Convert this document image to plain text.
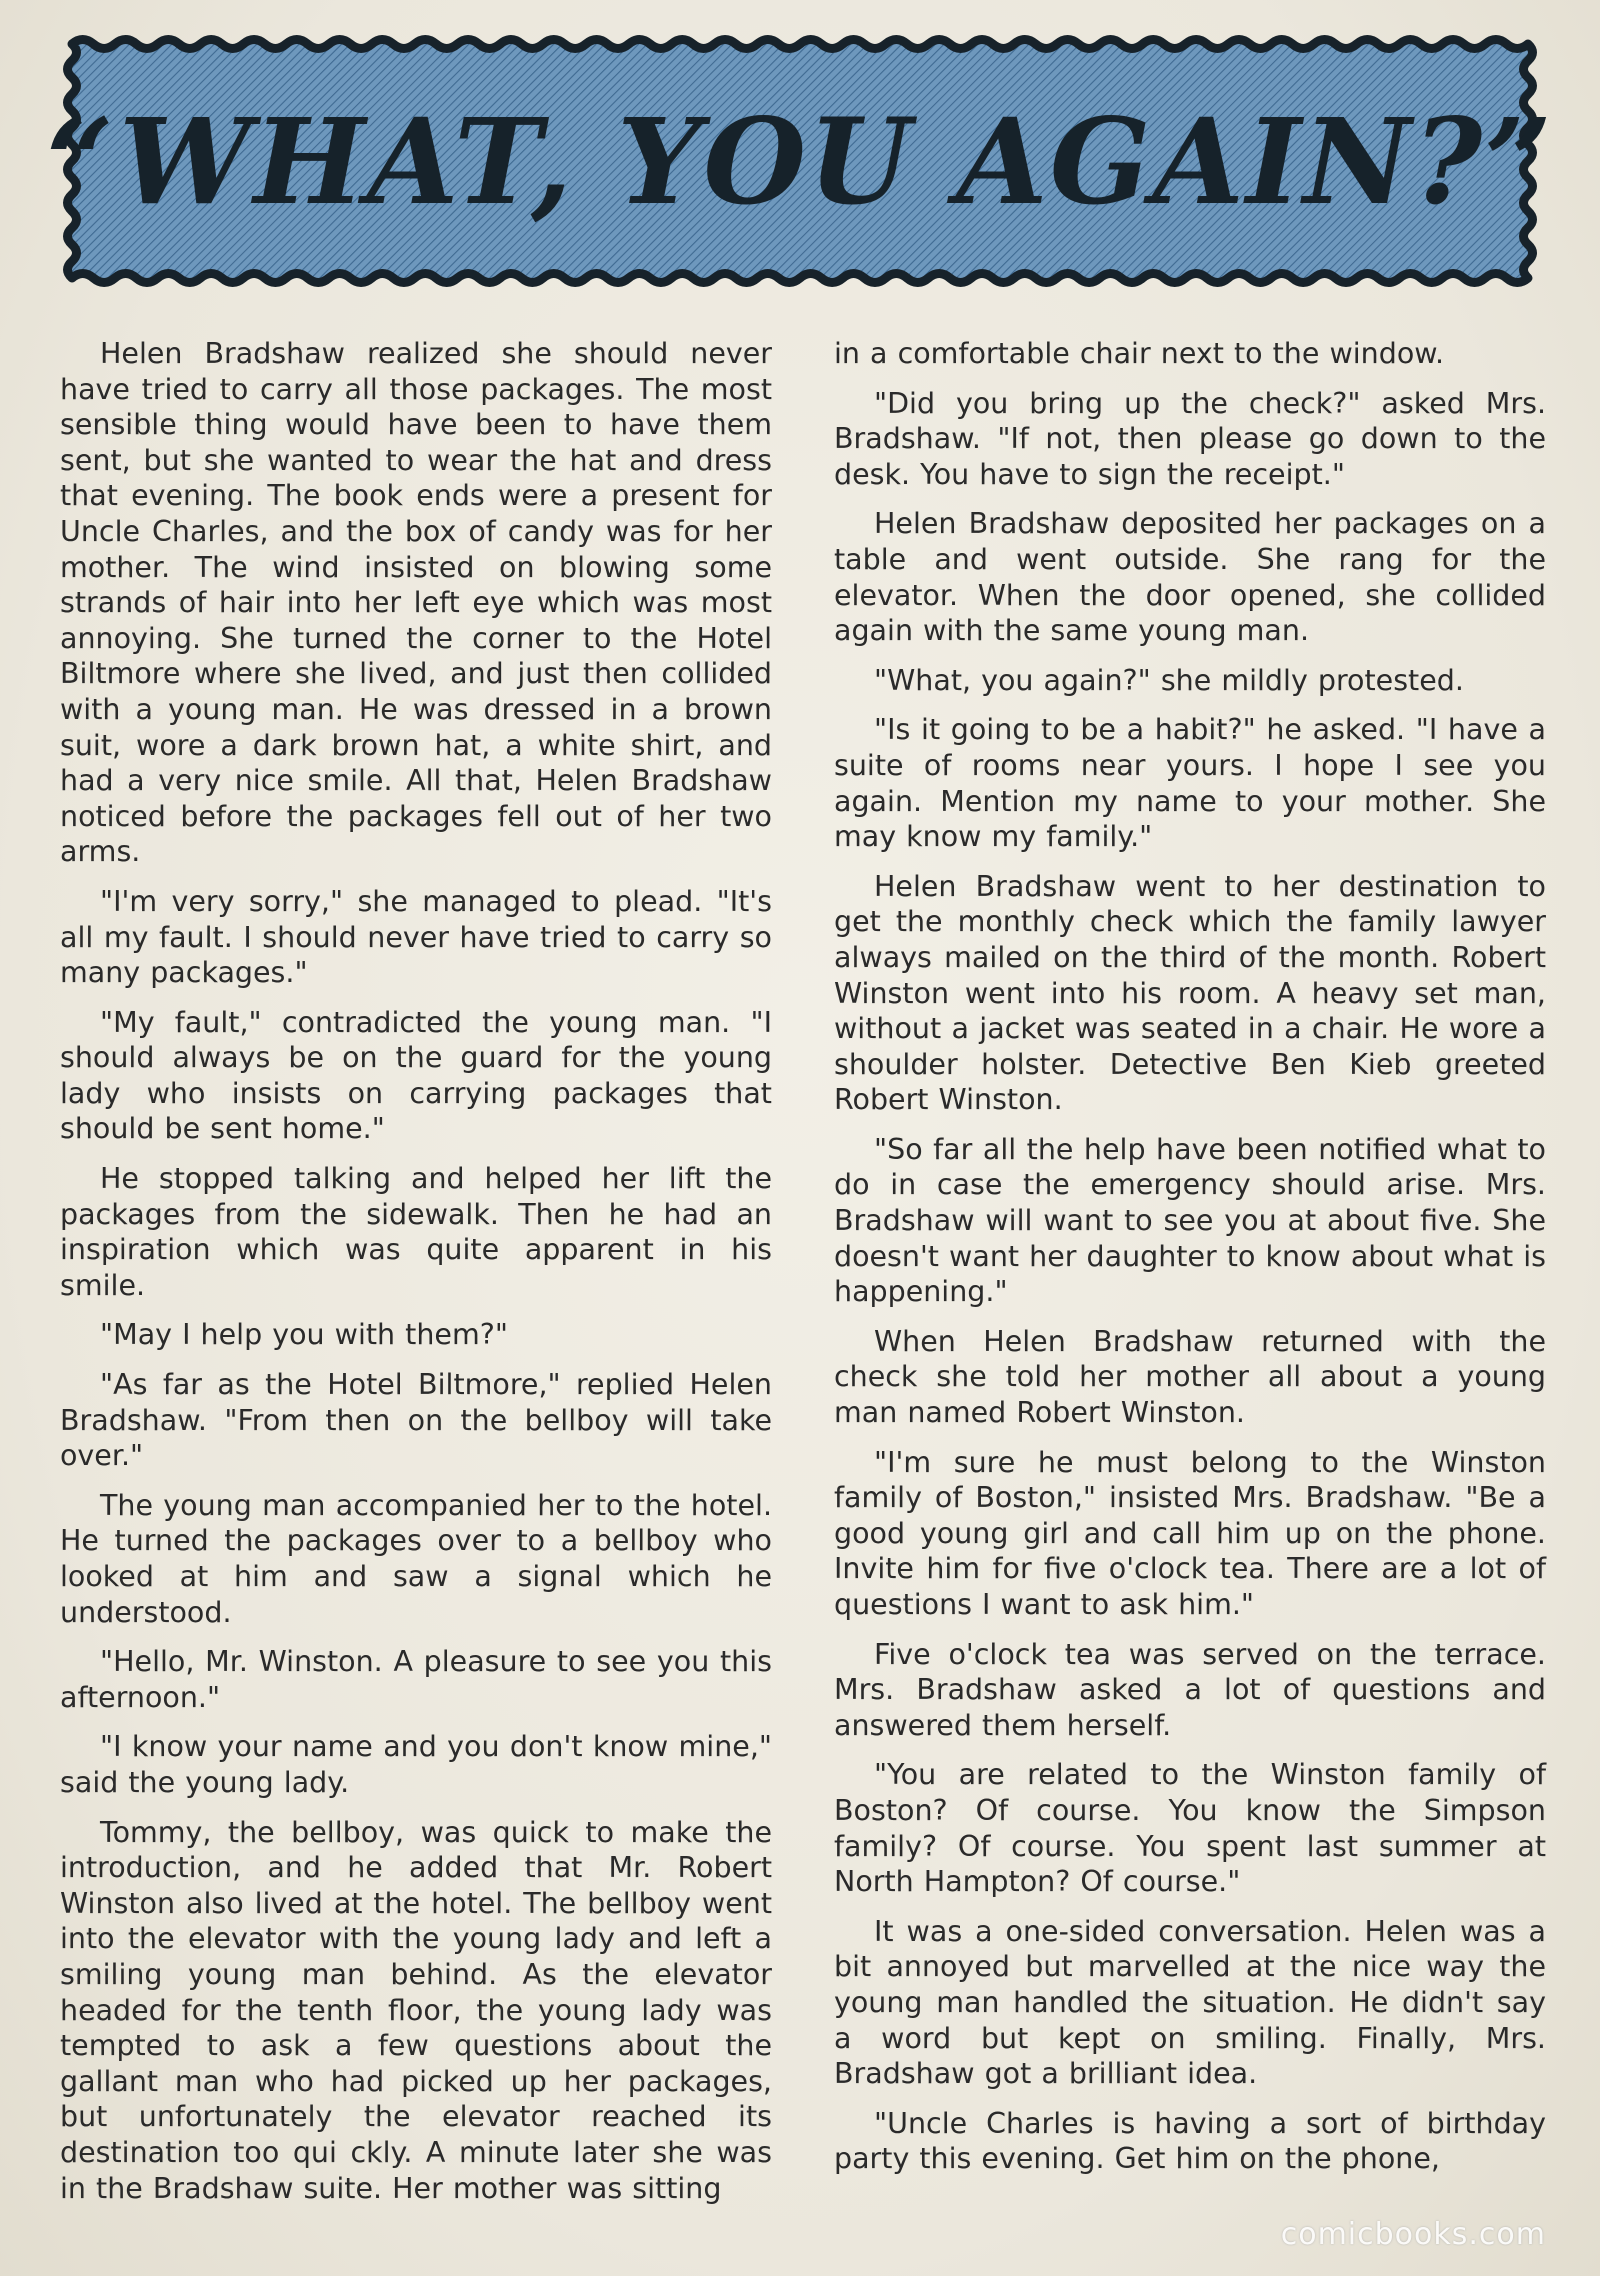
“WHAT, YOU AGAIN?”

Helen Bradshaw realized she should never have tried to carry all those packages. The most sensible thing would have been to have them sent, but she wanted to wear the hat and dress that evening. The book ends were a present for Uncle Charles, and the box of candy was for her mother. The wind insisted on blowing some strands of hair into her left eye which was most annoying. She turned the corner to the Hotel Biltmore where she lived, and just then collided with a young man. He was dressed in a brown suit, wore a dark brown hat, a white shirt, and had a very nice smile. All that, Helen Bradshaw noticed before the packages fell out of her two arms.

"I'm very sorry," she managed to plead. "It's all my fault. I should never have tried to carry so many packages."

"My fault," contradicted the young man. "I should always be on the guard for the young lady who insists on carrying packages that should be sent home."

He stopped talking and helped her lift the packages from the sidewalk. Then he had an inspiration which was quite apparent in his smile.

"May I help you with them?"

"As far as the Hotel Biltmore," replied Helen Bradshaw. "From then on the bellboy will take over."

The young man accompanied her to the hotel. He turned the packages over to a bellboy who looked at him and saw a signal which he understood.

"Hello, Mr. Winston. A pleasure to see you this afternoon."

"I know your name and you don't know mine," said the young lady.

Tommy, the bellboy, was quick to make the introduction, and he added that Mr. Robert Winston also lived at the hotel. The bellboy went into the elevator with the young lady and left a smiling young man behind. As the elevator headed for the tenth floor, the young lady was tempted to ask a few questions about the gallant man who had picked up her packages, but unfortunately the elevator reached its destination too qui ckly. A minute later she was in the Bradshaw suite. Her mother was sitting

in a comfortable chair next to the window.

"Did you bring up the check?" asked Mrs. Bradshaw. "If not, then please go down to the desk. You have to sign the receipt."

Helen Bradshaw deposited her packages on a table and went outside. She rang for the elevator. When the door opened, she collided again with the same young man.

"What, you again?" she mildly protested.

"Is it going to be a habit?" he asked. "I have a suite of rooms near yours. I hope I see you again. Mention my name to your mother. She may know my family."

Helen Bradshaw went to her destination to get the monthly check which the family lawyer always mailed on the third of the month. Robert Winston went into his room. A heavy set man, without a jacket was seated in a chair. He wore a shoulder holster. Detective Ben Kieb greeted Robert Winston.

"So far all the help have been notified what to do in case the emergency should arise. Mrs. Bradshaw will want to see you at about five. She doesn't want her daughter to know about what is happening."

When Helen Bradshaw returned with the check she told her mother all about a young man named Robert Winston.

"I'm sure he must belong to the Winston family of Boston," insisted Mrs. Bradshaw. "Be a good young girl and call him up on the phone. Invite him for five o'clock tea. There are a lot of questions I want to ask him."

Five o'clock tea was served on the terrace. Mrs. Bradshaw asked a lot of questions and answered them herself.

"You are related to the Winston family of Boston? Of course. You know the Simpson family? Of course. You spent last summer at North Hampton? Of course."

It was a one-sided conversation. Helen was a bit annoyed but marvelled at the nice way the young man handled the situation. He didn't say a word but kept on smiling. Finally, Mrs. Bradshaw got a brilliant idea.

"Uncle Charles is having a sort of birthday party this evening. Get him on the phone,

comicbooks.com
